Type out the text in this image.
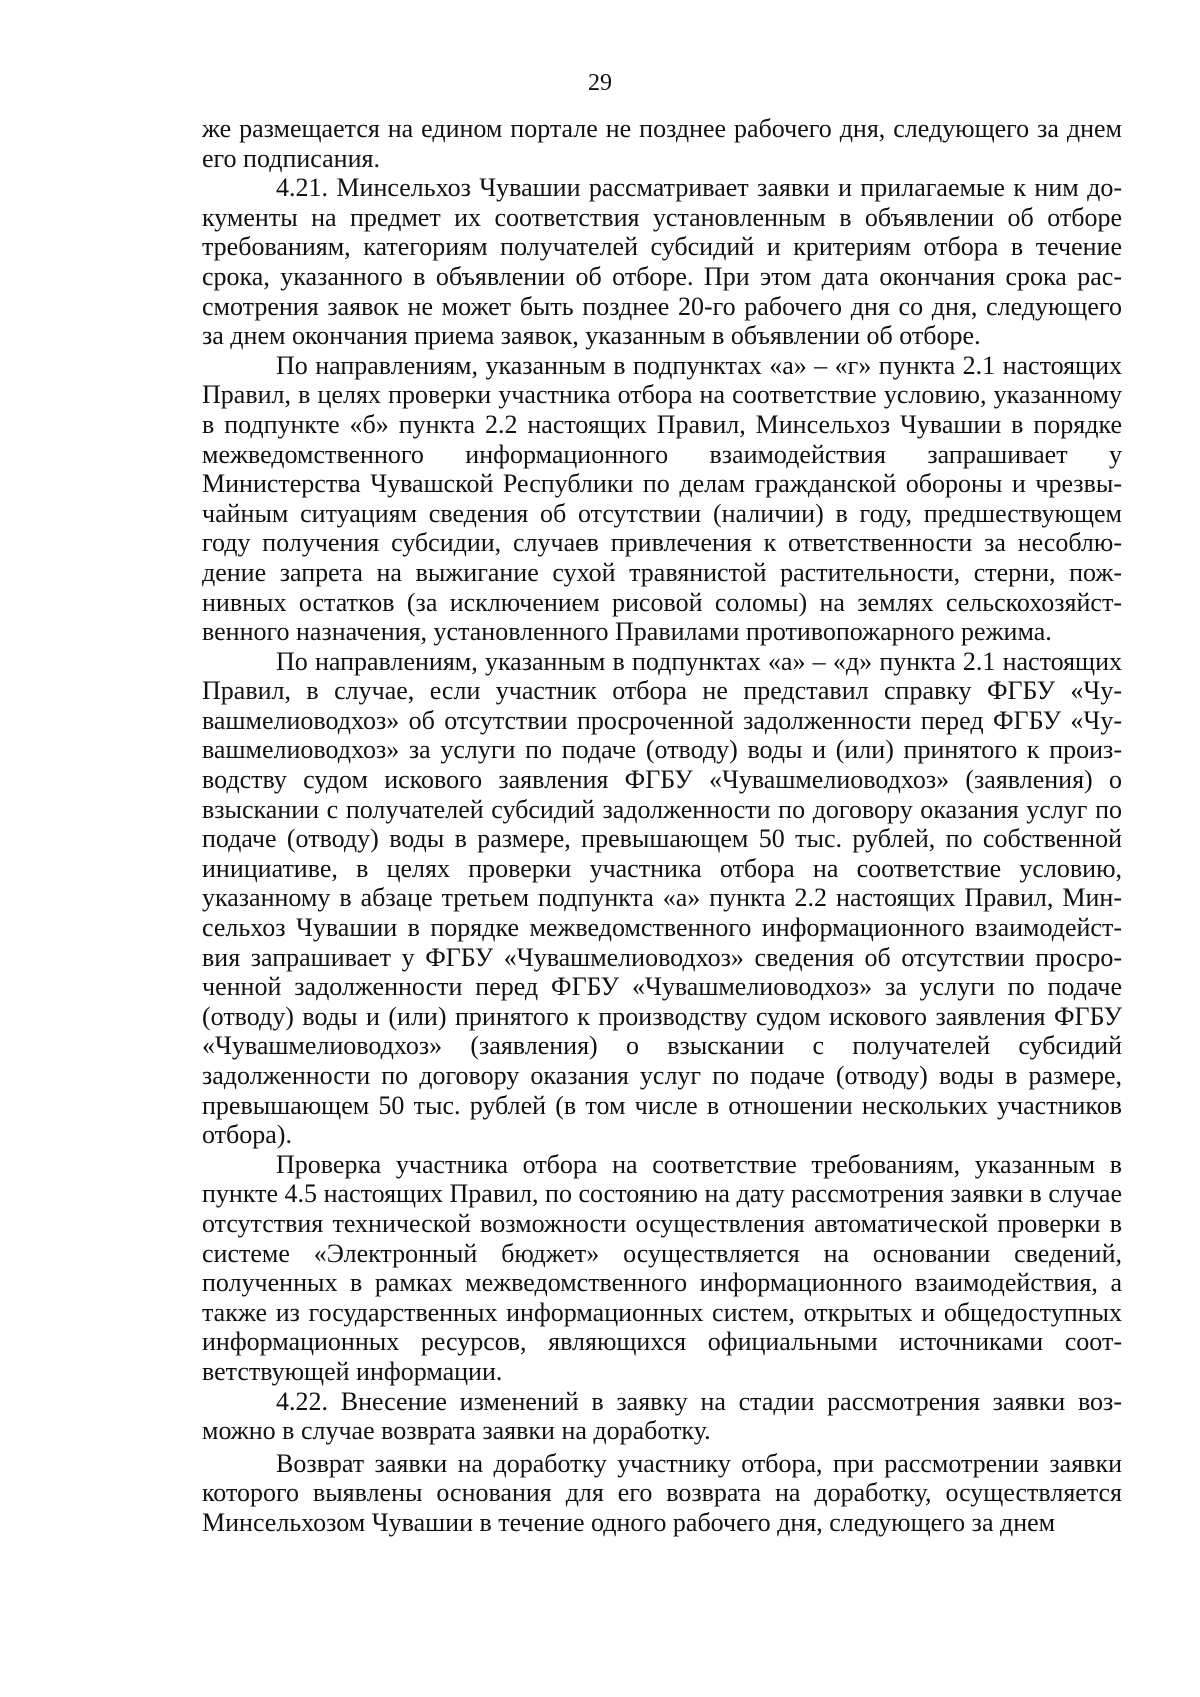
29

же размещается на едином портале не позднее рабочего дня, следующего за днем его подписания.

4.21. Минсельхоз Чувашии рассматривает заявки и прилагаемые к ним документы на предмет их соответствия установленным в объявлении об отборе требованиям, категориям получателей субсидий и критериям отбора в течение срока, указанного в объявлении об отборе. При этом дата окончания срока рассмотрения заявок не может быть позднее 20-го рабочего дня со дня, следующего за днем окончания приема заявок, указанным в объявлении об отборе.

По направлениям, указанным в подпунктах «а» – «г» пункта 2.1 настоящих Правил, в целях проверки участника отбора на соответствие условию, указанному в подпункте «б» пункта 2.2 настоящих Правил, Минсельхоз Чувашии в порядке межведомственного информационного взаимодействия запрашивает у Министерства Чувашской Республики по делам гражданской обороны и чрезвычайным ситуациям сведения об отсутствии (наличии) в году, предшествующем году получения субсидии, случаев привлечения к ответственности за несоблюдение запрета на выжигание сухой травянистой растительности, стерни, пожнивных остатков (за исключением рисовой соломы) на землях сельскохозяйственного назначения, установленного Правилами противопожарного режима.

По направлениям, указанным в подпунктах «а» – «д» пункта 2.1 настоящих Правил, в случае, если участник отбора не представил справку ФГБУ «Чувашмелиоводхоз» об отсутствии просроченной задолженности перед ФГБУ «Чувашмелиоводхоз» за услуги по подаче (отводу) воды и (или) принятого к производству судом искового заявления ФГБУ «Чувашмелиоводхоз» (заявления) о взыскании с получателей субсидий задолженности по договору оказания услуг по подаче (отводу) воды в размере, превышающем 50 тыс. рублей, по собственной инициативе, в целях проверки участника отбора на соответствие условию, указанному в абзаце третьем подпункта «а» пункта 2.2 настоящих Правил, Минсельхоз Чувашии в порядке межведомственного информационного взаимодействия запрашивает у ФГБУ «Чувашмелиоводхоз» сведения об отсутствии просроченной задолженности перед ФГБУ «Чувашмелиоводхоз» за услуги по подаче (отводу) воды и (или) принятого к производству судом искового заявления ФГБУ «Чувашмелиоводхоз» (заявления) о взыскании с получателей субсидий задолженности по договору оказания услуг по подаче (отводу) воды в размере, превышающем 50 тыс. рублей (в том числе в отношении нескольких участников отбора).

Проверка участника отбора на соответствие требованиям, указанным в пункте 4.5 настоящих Правил, по состоянию на дату рассмотрения заявки в случае отсутствия технической возможности осуществления автоматической проверки в системе «Электронный бюджет» осуществляется на основании сведений, полученных в рамках межведомственного информационного взаимодействия, а также из государственных информационных систем, открытых и общедоступных информационных ресурсов, являющихся официальными источниками соответствующей информации.

4.22. Внесение изменений в заявку на стадии рассмотрения заявки возможно в случае возврата заявки на доработку.

Возврат заявки на доработку участнику отбора, при рассмотрении заявки которого выявлены основания для его возврата на доработку, осуществляется Минсельхозом Чувашии в течение одного рабочего дня, следующего за днем
